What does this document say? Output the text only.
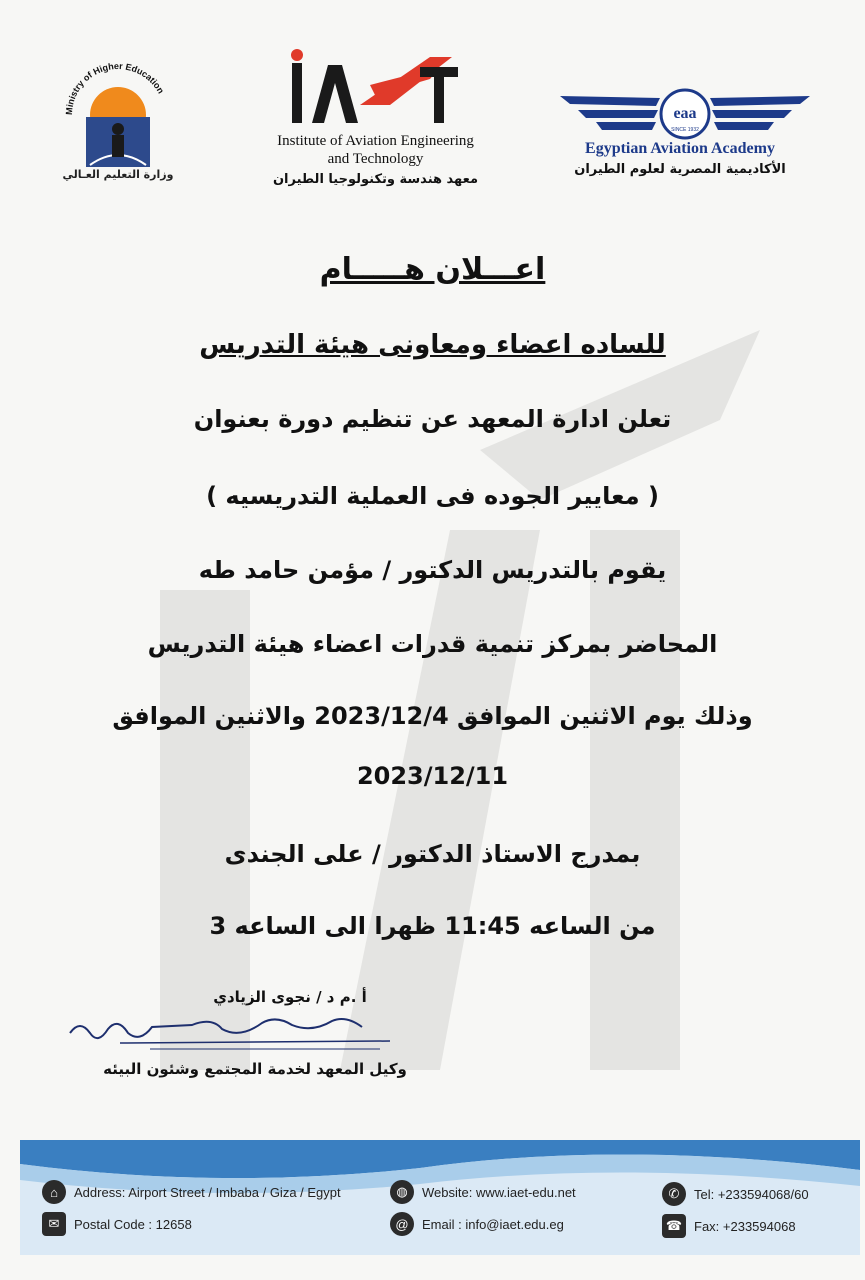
Ministry of Higher Education
وزارة التعليم العـالي
Institute of Aviation Engineering and Technology
معهد هندسة وتكنولوجيا الطيران
eaa
SINCE 1932
Egyptian Aviation Academy
الأكاديمية المصرية لعلوم الطيران
اعـــلان هـــــام
للساده اعضاء ومعاونى هيئة التدريس
تعلن ادارة المعهد عن تنظيم دورة بعنوان
( معايير الجوده فى العملية التدريسيه )
يقوم بالتدريس الدكتور / مؤمن حامد طه
المحاضر بمركز تنمية قدرات اعضاء هيئة التدريس
وذلك يوم الاثنين الموافق 2023/12/4 والاثنين الموافق
2023/12/11
بمدرج الاستاذ الدكتور / على الجندى
من الساعه 11:45 ظهرا الى الساعه 3
أ .م د / نجوى الزيادي
وكيل المعهد لخدمة المجتمع وشئون البيئه
⌂	Address: Airport Street / Imbaba / Giza / Egypt
✉	Postal Code : 12658
◍	Website: www.iaet-edu.net
@	Email : info@iaet.edu.eg
✆	Tel: +233594068/60
☎ Fax: +233594068
